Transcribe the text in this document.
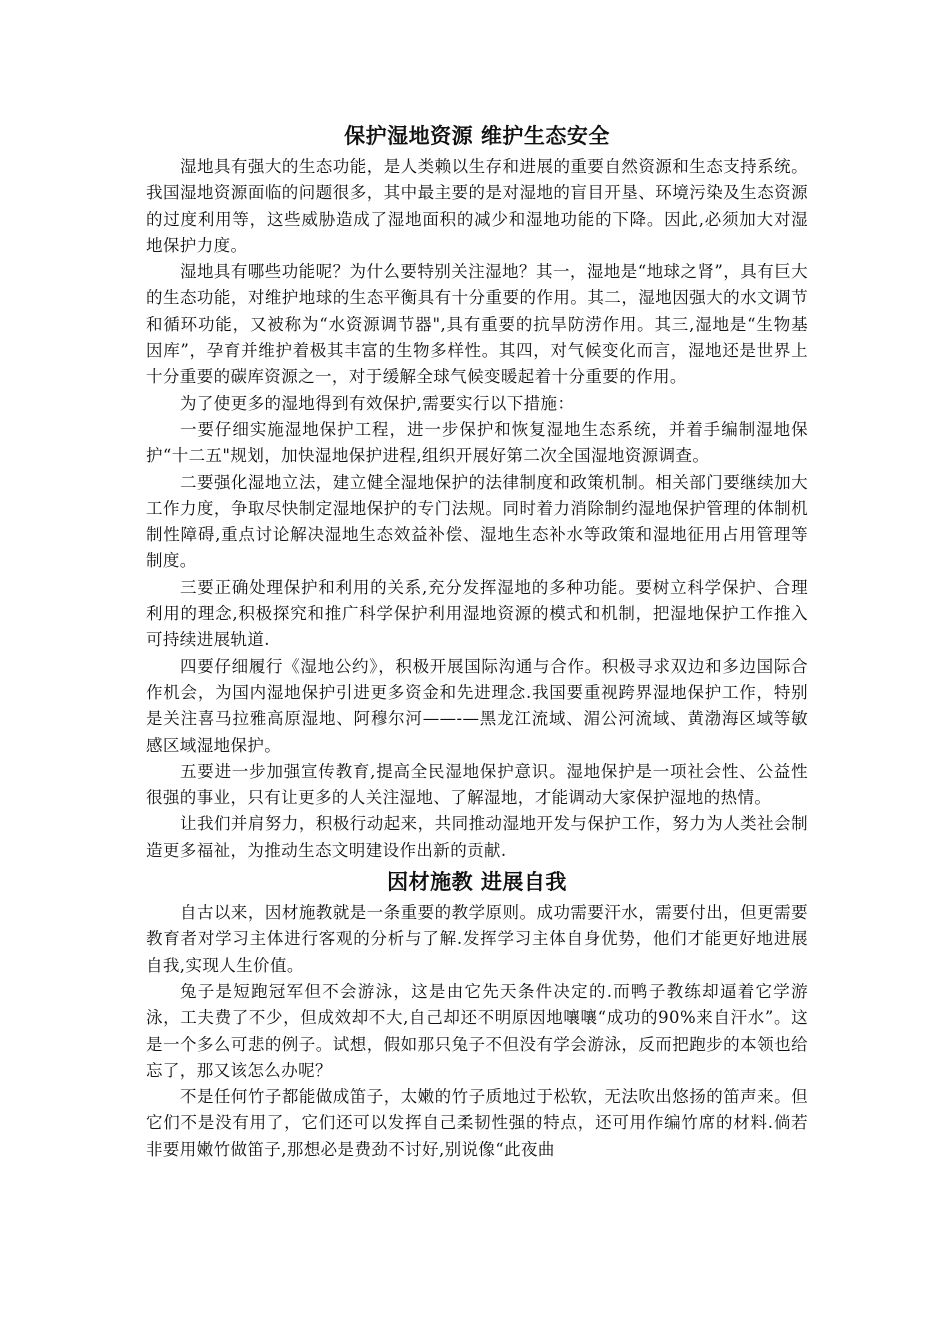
保护湿地资源 维护生态安全

湿地具有强大的生态功能，是人类赖以生存和进展的重要自然资源和生态支持系统。我国湿地资源面临的问题很多，其中最主要的是对湿地的盲目开垦、环境污染及生态资源的过度利用等，这些威胁造成了湿地面积的减少和湿地功能的下降。因此,必须加大对湿地保护力度。

湿地具有哪些功能呢？为什么要特别关注湿地？其一，湿地是“地球之肾”，具有巨大的生态功能，对维护地球的生态平衡具有十分重要的作用。其二，湿地因强大的水文调节和循环功能，又被称为“水资源调节器",具有重要的抗旱防涝作用。其三,湿地是“生物基因库”，孕育并维护着极其丰富的生物多样性。其四，对气候变化而言，湿地还是世界上十分重要的碳库资源之一，对于缓解全球气候变暖起着十分重要的作用。

为了使更多的湿地得到有效保护,需要实行以下措施：

一要仔细实施湿地保护工程，进一步保护和恢复湿地生态系统，并着手编制湿地保护“十二五"规划，加快湿地保护进程,组织开展好第二次全国湿地资源调查。

二要强化湿地立法，建立健全湿地保护的法律制度和政策机制。相关部门要继续加大工作力度，争取尽快制定湿地保护的专门法规。同时着力消除制约湿地保护管理的体制机制性障碍,重点讨论解决湿地生态效益补偿、湿地生态补水等政策和湿地征用占用管理等制度。

三要正确处理保护和利用的关系,充分发挥湿地的多种功能。要树立科学保护、合理利用的理念,积极探究和推广科学保护利用湿地资源的模式和机制，把湿地保护工作推入可持续进展轨道.

四要仔细履行《湿地公约》，积极开展国际沟通与合作。积极寻求双边和多边国际合作机会，为国内湿地保护引进更多资金和先进理念.我国要重视跨界湿地保护工作，特别是关注喜马拉雅高原湿地、阿穆尔河——-—黑龙江流域、湄公河流域、黄渤海区域等敏感区域湿地保护。

五要进一步加强宣传教育,提高全民湿地保护意识。湿地保护是一项社会性、公益性很强的事业，只有让更多的人关注湿地、了解湿地，才能调动大家保护湿地的热情。

让我们并肩努力，积极行动起来，共同推动湿地开发与保护工作，努力为人类社会制造更多福祉，为推动生态文明建设作出新的贡献.

因材施教 进展自我

自古以来，因材施教就是一条重要的教学原则。成功需要汗水，需要付出，但更需要教育者对学习主体进行客观的分析与了解.发挥学习主体自身优势，他们才能更好地进展自我,实现人生价值。

兔子是短跑冠军但不会游泳，这是由它先天条件决定的.而鸭子教练却逼着它学游泳，工夫费了不少，但成效却不大,自己却还不明原因地嚷嚷“成功的90%来自汗水”。这是一个多么可悲的例子。试想，假如那只兔子不但没有学会游泳，反而把跑步的本领也给忘了，那又该怎么办呢？

不是任何竹子都能做成笛子，太嫩的竹子质地过于松软，无法吹出悠扬的笛声来。但它们不是没有用了，它们还可以发挥自己柔韧性强的特点，还可用作编竹席的材料.倘若非要用嫩竹做笛子,那想必是费劲不讨好,别说像“此夜曲
